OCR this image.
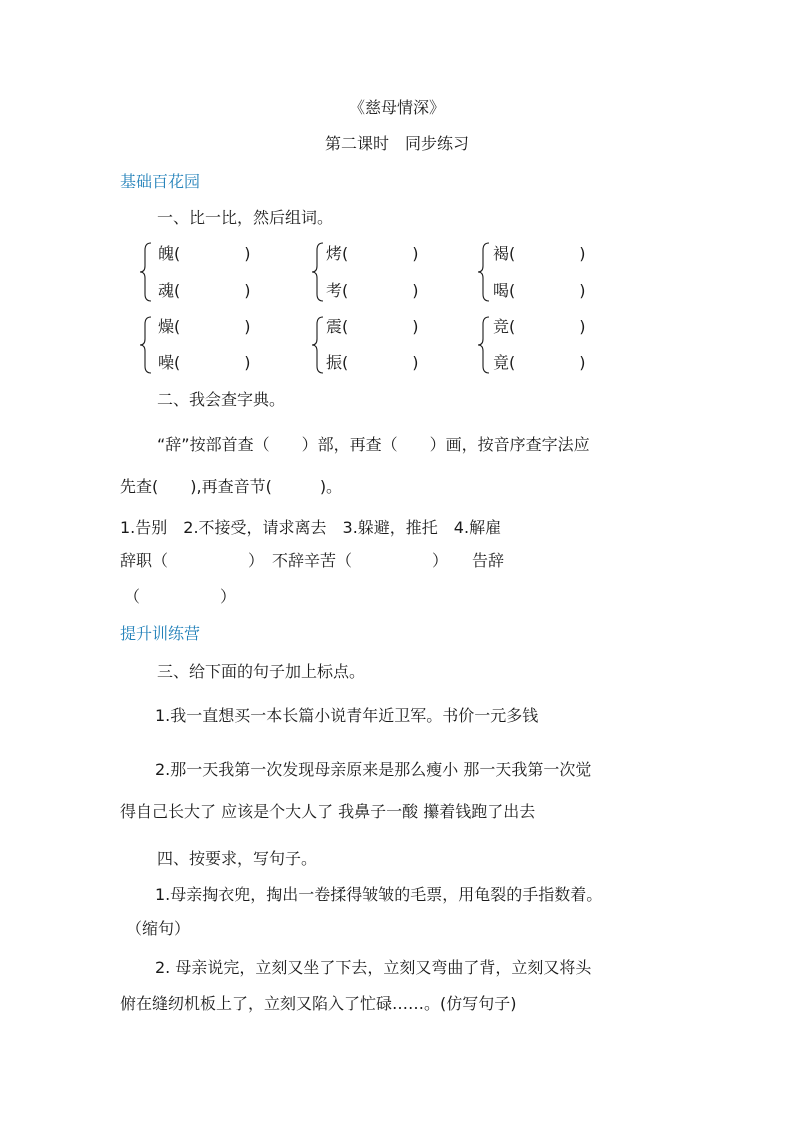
《慈母情深》
第二课时　同步练习
基础百花园
一、比一比，然后组词。
魄(　　　　)
魂(　　　　)
烤(　　　　)
考(　　　　)
褐(　　　　)
喝(　　　　)
燥(　　　　)
噪(　　　　)
震(　　　　)
振(　　　　)
竞(　　　　)
竟(　　　　)
二、我会查字典。
“辞”按部首查（　　）部，再查（　　）画，按音序查字法应
先查(　　),再查音节(　　　)。
1.告别　2.不接受，请求离去　3.躲避，推托　4.解雇
辞职（　　　　　）　不辞辛苦（　　　　　）　　告辞
（　　　　　）
提升训练营
三、给下面的句子加上标点。
1.我一直想买一本长篇小说青年近卫军。书价一元多钱
2.那一天我第一次发现母亲原来是那么瘦小 那一天我第一次觉
得自己长大了 应该是个大人了 我鼻子一酸 攥着钱跑了出去
四、按要求，写句子。
1.母亲掏衣兜，掏出一卷揉得皱皱的毛票，用龟裂的手指数着。
（缩句）
2. 母亲说完，立刻又坐了下去，立刻又弯曲了背，立刻又将头
俯在缝纫机板上了，立刻又陷入了忙碌……。(仿写句子)
